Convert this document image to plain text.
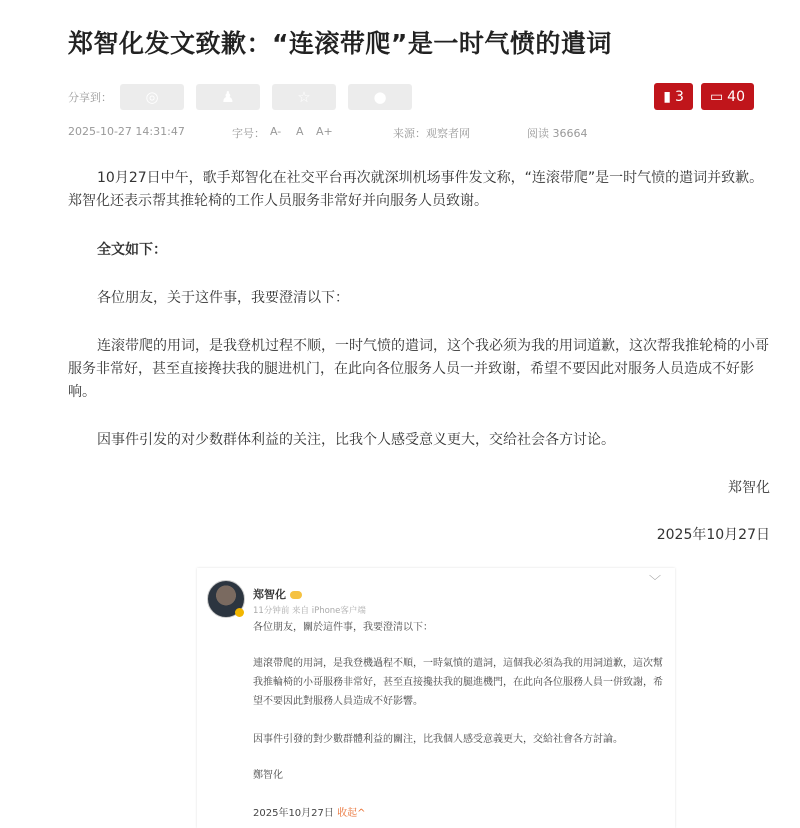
郑智化发文致歉：“连滚带爬”是一时气愤的遣词
分享到： ◎	♟	☆	●	▮ 3 ▭ 40
2025-10-27 14:31:47	字号： A- A A+	来源：观察者网	阅读 36664
10月27日中午，歌手郑智化在社交平台再次就深圳机场事件发文称，“连滚带爬”是一时气愤的遣词并致歉。郑智化还表示帮其推轮椅的工作人员服务非常好并向服务人员致谢。
全文如下：
各位朋友，关于这件事，我要澄清以下：
连滚带爬的用词，是我登机过程不顺，一时气愤的遣词，这个我必须为我的用词道歉，这次帮我推轮椅的小哥服务非常好，甚至直接搀扶我的腿进机门，在此向各位服务人员一并致谢，希望不要因此对服务人员造成不好影响。
因事件引发的对少数群体利益的关注，比我个人感受意义更大，交给社会各方讨论。
郑智化
2025年10月27日
郑智化
11分钟前 来自 iPhone客户端
﹀
各位朋友，關於這件事，我要澄清以下：
連滾帶爬的用詞，是我登機過程不順，一時氣憤的遣詞，這個我必須為我的用詞道歉，這次幫我推輪椅的小哥服務非常好，甚至直接攙扶我的腿進機門，在此向各位服務人員一併致謝，希望不要因此對服務人員造成不好影響。
因事件引發的對少數群體利益的關注，比我個人感受意義更大，交給社會各方討論。
鄭智化
2025年10月27日 收起^
